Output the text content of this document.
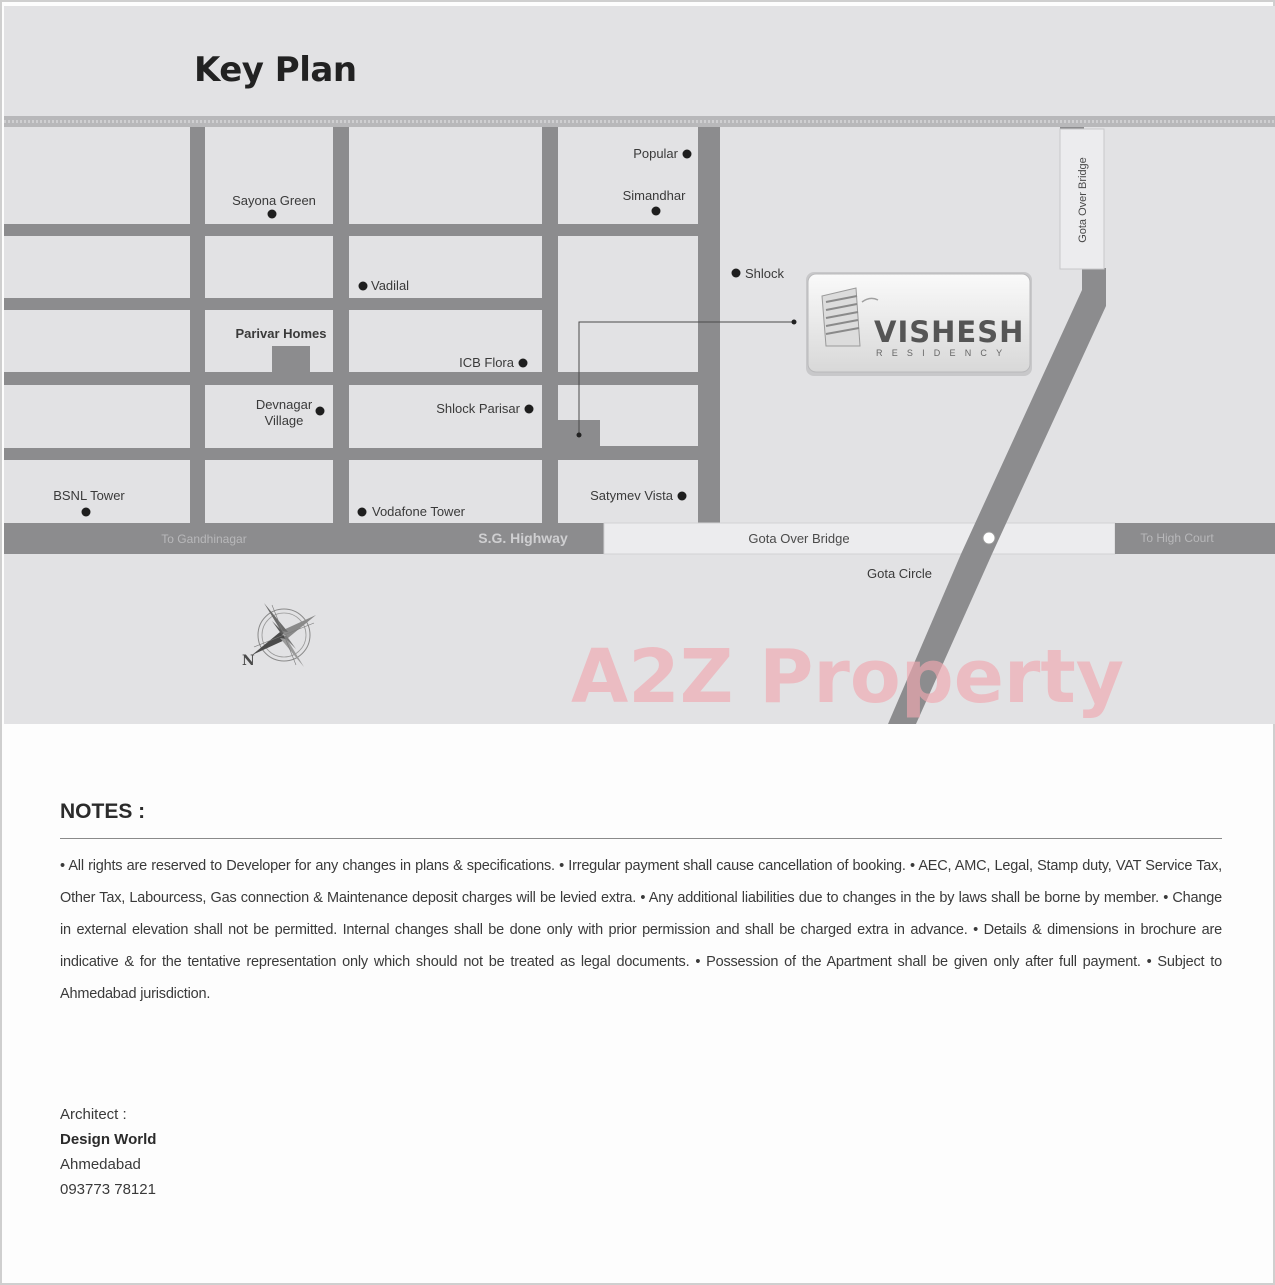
VISHESH
RESIDENCY
Popular
Simandhar
Sayona Green
Shlock
Vadilal
Parivar Homes
ICB Flora
Devnagar
Village
Shlock Parisar
BSNL Tower	Satymev Vista
Vodafone Tower
Gota Circle
To Gandhinagar	S.G. Highway	Gota Over Bridge	To High Court
Gota Over Bridge
N	A2Z Property
Key Plan
NOTES :

• All rights are reserved to Developer for any changes in plans & specifications. • Irregular payment shall cause cancellation of booking. • AEC, AMC, Legal, Stamp duty, VAT Service Tax, Other Tax, Labourcess, Gas connection & Maintenance deposit charges will be levied extra. • Any additional liabilities due to changes in the by laws shall be borne by member. • Change in external elevation shall not be permitted. Internal changes shall be done only with prior permission and shall be charged extra in advance. • Details & dimensions in brochure are indicative & for the tentative representation only which should not be treated as legal documents. • Possession of the Apartment shall be given only after full payment. • Subject to Ahmedabad jurisdiction.

Architect :
Design World
Ahmedabad
093773 78121
